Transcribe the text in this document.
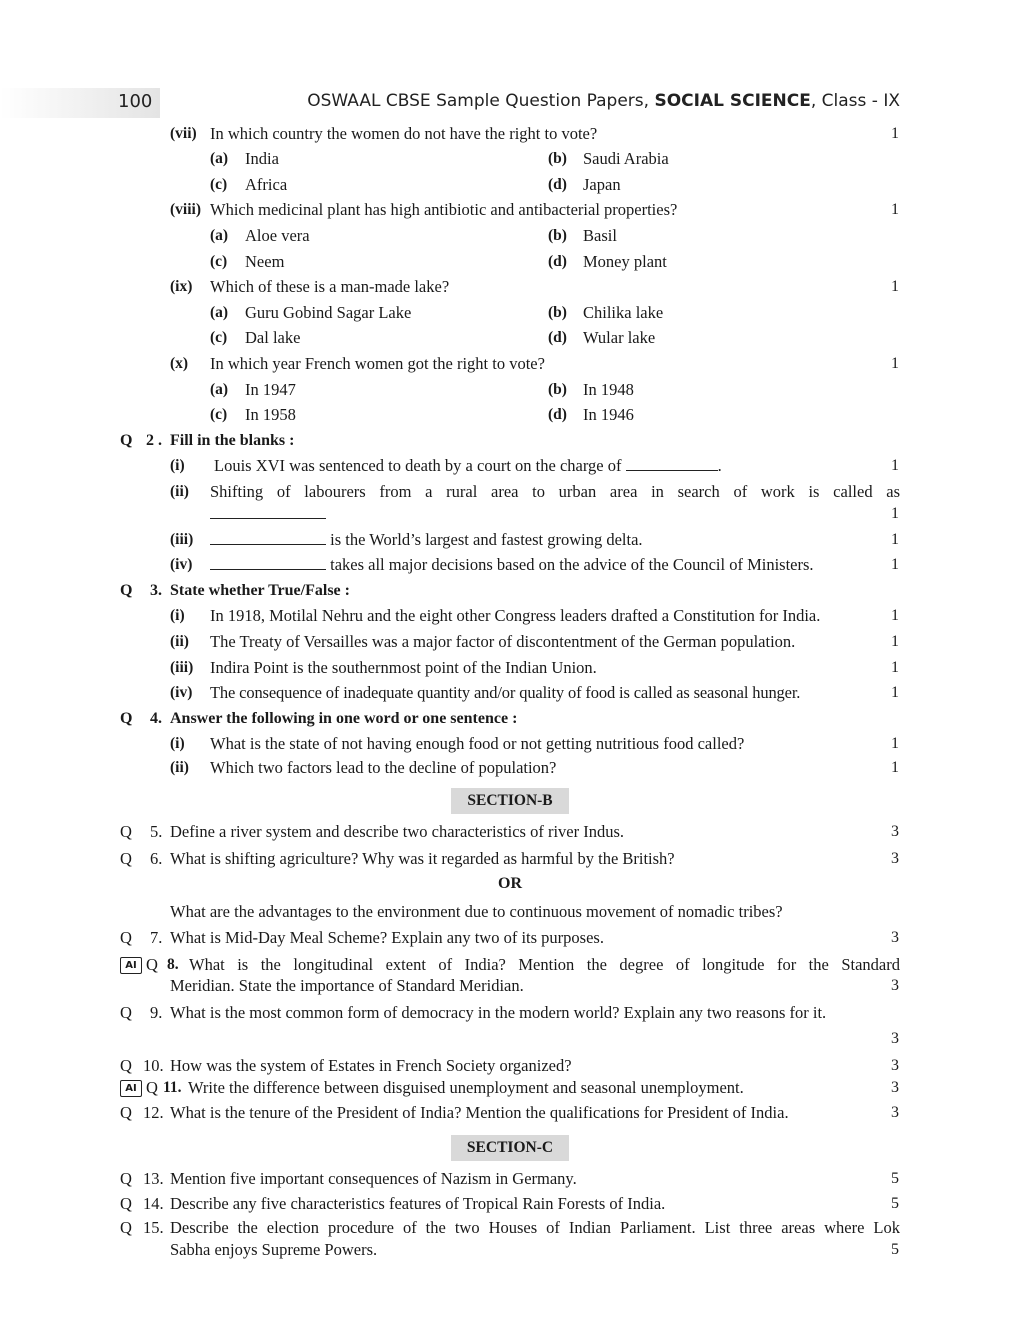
100	OSWAAL CBSE Sample Question Papers, SOCIAL SCIENCE, Class - IX
(vii) In which country the women do not have the right to vote?	1
(a) India	(b) Saudi Arabia
(c) Africa	(d) Japan
(viii) Which medicinal plant has high antibiotic and antibacterial properties?	1
(a) Aloe vera	(b) Basil
(c) Neem	(d) Money plant
(ix) Which of these is a man-made lake?	1
(a) Guru Gobind Sagar Lake	(b) Chilika lake
(c) Dal lake	(d) Wular lake
(x) In which year French women got the right to vote?	1
(a) In 1947	(b) In 1948
(c) In 1958	(d) In 1946
Q 2 . Fill in the blanks :
(i) Louis XVI was sentenced to death by a court on the charge of	.	1
(ii) Shifting of labourers from a rural area to urban area in search of work is called as
1
(iii)	is the World’s largest and fastest growing delta.	1
(iv)	takes all major decisions based on the advice of the Council of Ministers.	1
Q 3. State whether True/False :
(i) In 1918, Motilal Nehru and the eight other Congress leaders drafted a Constitution for India.	1
(ii) The Treaty of Versailles was a major factor of discontentment of the German population.	1
(iii) Indira Point is the southernmost point of the Indian Union.	1
(iv) The consequence of inadequate quantity and/or quality of food is called as seasonal hunger.	1
Q 4. Answer the following in one word or one sentence :
(i) What is the state of not having enough food or not getting nutritious food called?	1
(ii) Which two factors lead to the decline of population?	1
SECTION-B
Q 5. Define a river system and describe two characteristics of river Indus.	3
Q 6. What is shifting agriculture? Why was it regarded as harmful by the British?	3
OR
What are the advantages to the environment due to continuous movement of nomadic tribes?
Q 7. What is Mid-Day Meal Scheme? Explain any two of its purposes.	3
AI Q 8. What is the longitudinal extent of India? Mention the degree of longitude for the Standard
Meridian. State the importance of Standard Meridian.	3
Q 9. What is the most common form of democracy in the modern world? Explain any two reasons for it.
3
Q 10. How was the system of Estates in French Society organized?	3
AI Q 11. Write the difference between disguised unemployment and seasonal unemployment.	3
Q 12. What is the tenure of the President of India? Mention the qualifications for President of India.	3
SECTION-C
Q 13. Mention five important consequences of Nazism in Germany.	5
Q 14. Describe any five characteristics features of Tropical Rain Forests of India.	5
Q 15. Describe the election procedure of the two Houses of Indian Parliament. List three areas where Lok
Sabha enjoys Supreme Powers.	5
